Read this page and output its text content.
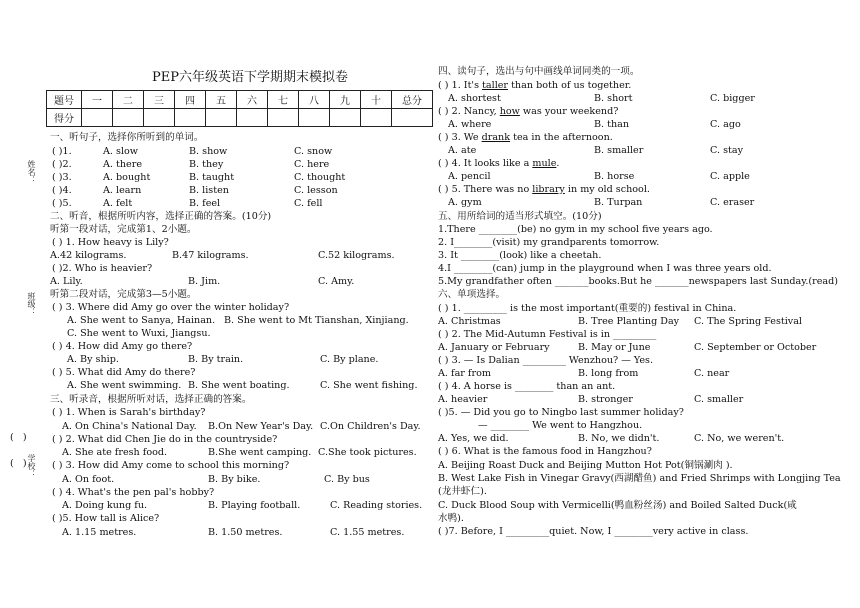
PEP六年级英语下学期期末模拟卷
题号	一	二	三	四	五	六	七	八	九	十	总分
得分											
姓名：
班级：
学校：
(   )
(   )
一、听句子，选择你所听到的单词。
( )1.	A. slow	B. show	C. snow
( )2.	A. there	B. they	C. here
( )3.	A. bought	B. taught	C. thought
( )4.	A. learn	B. listen	C. lesson
( )5.	A. felt	B. feel	C. fell
二、听音，根据所听内容，选择正确的答案。(10分)
听第一段对话，完成第1、2小题。
( ) 1. How heavy is Lily?
A.42 kilograms.	B.47 kilograms.	C.52 kilograms.
( )2. Who is heavier?
A. Lily.	B. Jim.	C. Amy.
听第二段对话，完成第3—5小题。
( ) 3. Where did Amy go over the winter holiday?
A. She went to Sanya, Hainan. B. She went to Mt Tianshan, Xinjiang.
C. She went to Wuxi, Jiangsu.
( ) 4. How did Amy go there?
A. By ship.	B. By train.	C. By plane.
( ) 5. What did Amy do there?
A. She went swimming. B. She went boating.	C. She went fishing.
三、听录音，根据所听对话，选择正确的答案。
( ) 1. When is Sarah's birthday?
A. On China's National Day. B.On New Year's Day. C.On Children's Day.
( ) 2. What did Chen Jie do in the countryside?
A. She ate fresh food.	B.She went camping. C.She took pictures.
( ) 3. How did Amy come to school this morning?
A. On foot.	B. By bike.	C. By bus
( ) 4. What's the pen pal's hobby?
A. Doing kung fu.	B. Playing football.	C. Reading stories.
( )5. How tall is Alice?
A. 1.15 metres.	B. 1.50 metres.	C. 1.55 metres.
四、读句子，选出与句中画线单词同类的一项。
( ) 1. It's taller than both of us together.
A. shortest	B. short	C. bigger
( ) 2. Nancy, how was your weekend?
A. where	B. than	C. ago
( ) 3. We drank tea in the afternoon.
A. ate	B. smaller	C. stay
( ) 4. It looks like a mule.
A. pencil	B. horse	C. apple
( ) 5. There was no library in my old school.
A. gym	B. Turpan	C. eraser
五、用所给词的适当形式填空。(10分)
1.There ________(be) no gym in my school five years ago.
2. I________(visit) my grandparents tomorrow.
3. It ________(look) like a cheetah.
4.I ________(can) jump in the playground when I was three years old.
5.My grandfather often _______books.But he _______newspapers last Sunday.(read)
六、单项选择。
( ) 1. _________ is the most important(重要的) festival in China.
A. Christmas	B. Tree Planting Day C. The Spring Festival
( ) 2. The Mid-Autumn Festival is in _________
A. January or February	B. May or June	C. September or October
( ) 3. — Is Dalian _________ Wenzhou? — Yes.
A. far from	B. long from	C. near
( ) 4. A horse is ________ than an ant.
A. heavier	B. stronger	C. smaller
( )5. — Did you go to Ningbo last summer holiday?
— ________ We went to Hangzhou.
A. Yes, we did.	B. No, we didn't.	C. No, we weren't.
( ) 6. What is the famous food in Hangzhou?
A. Beijing Roast Duck and Beijing Mutton Hot Pot(铜锅涮肉 ).
B. West Lake Fish in Vinegar Gravy(西湖醋鱼) and Fried Shrimps with Longjing Tea
(龙井虾仁).
C. Duck Blood Soup with Vermicelli(鸭血粉丝汤) and Boiled Salted Duck(咸
水鸭).
( )7. Before, I _________quiet. Now, I ________very active in class.
